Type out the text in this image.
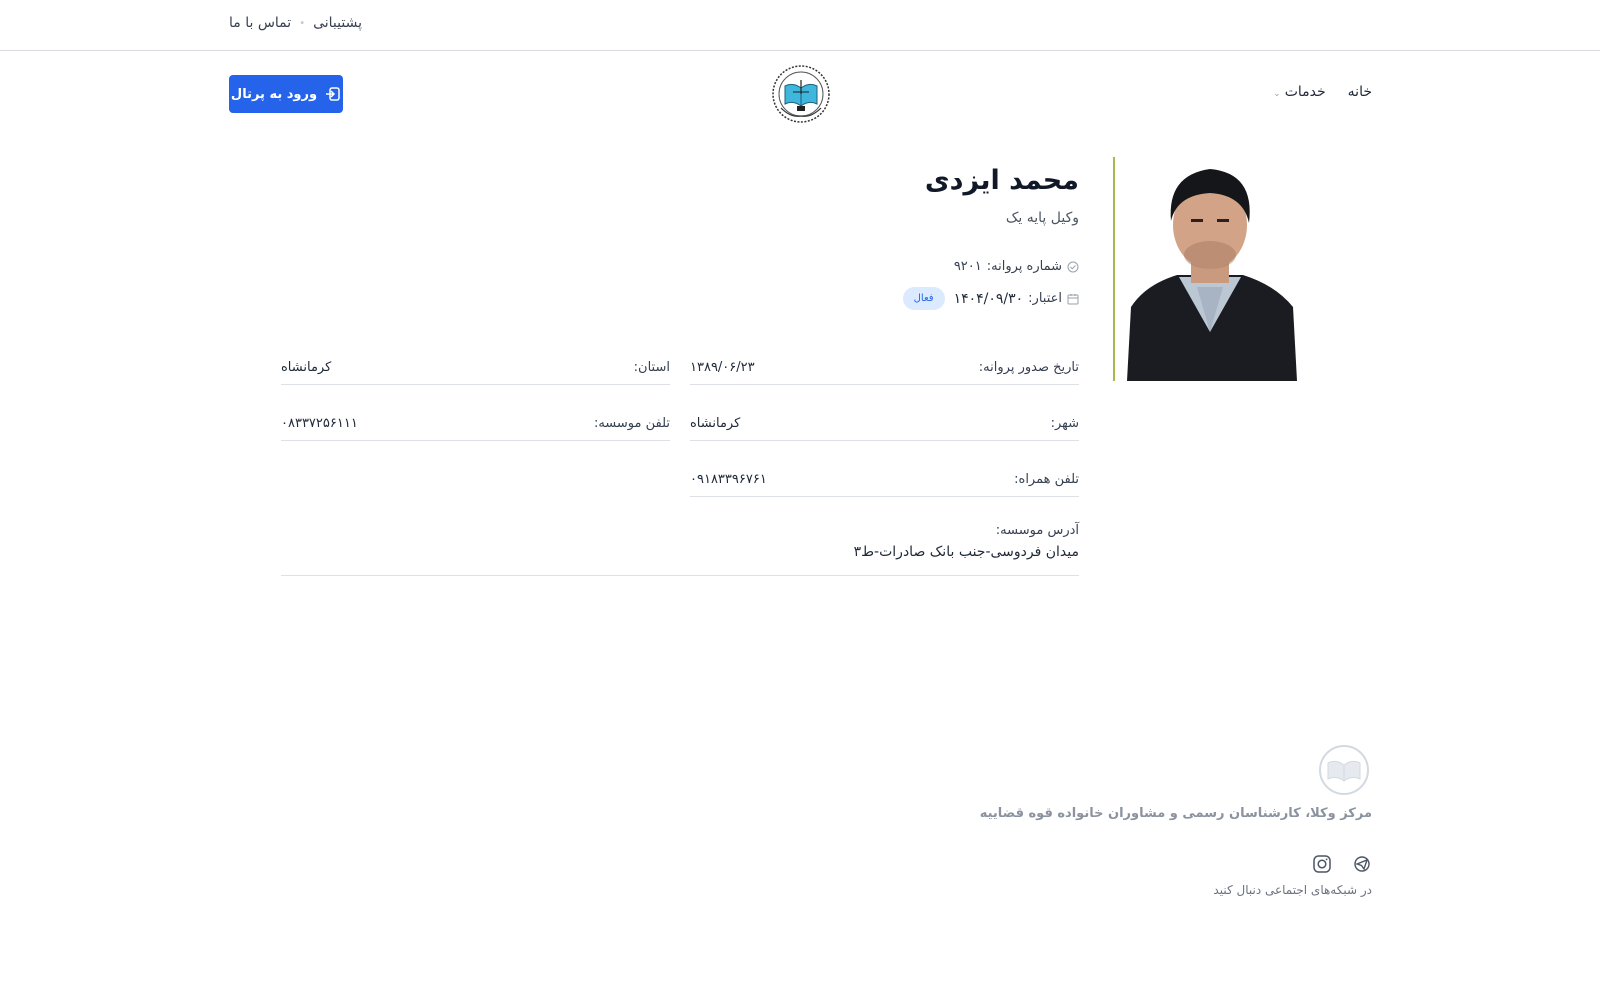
پشتیبانی
•
تماس با ما
ورود به پرتال	خانه
خدمات⌄
محمد ایزدی
وکیل پایه یک
شماره پروانه:
۹۲۰۱
اعتبار:
۱۴۰۴/۰۹/۳۰
فعال
تاریخ صدور پروانه:
۱۳۸۹/۰۶/۲۳
استان:
کرمانشاه
شهر:
کرمانشاه
تلفن موسسه:
۰۸۳۳۷۲۵۶۱۱۱
تلفن همراه:
۰۹۱۸۳۳۹۶۷۶۱
آدرس موسسه:
میدان فردوسی-جنب بانک صادرات-ط۳
مرکز وکلا، کارشناسان رسمی و مشاوران خانواده قوه قضاییه
در شبکه‌های اجتماعی دنبال کنید
